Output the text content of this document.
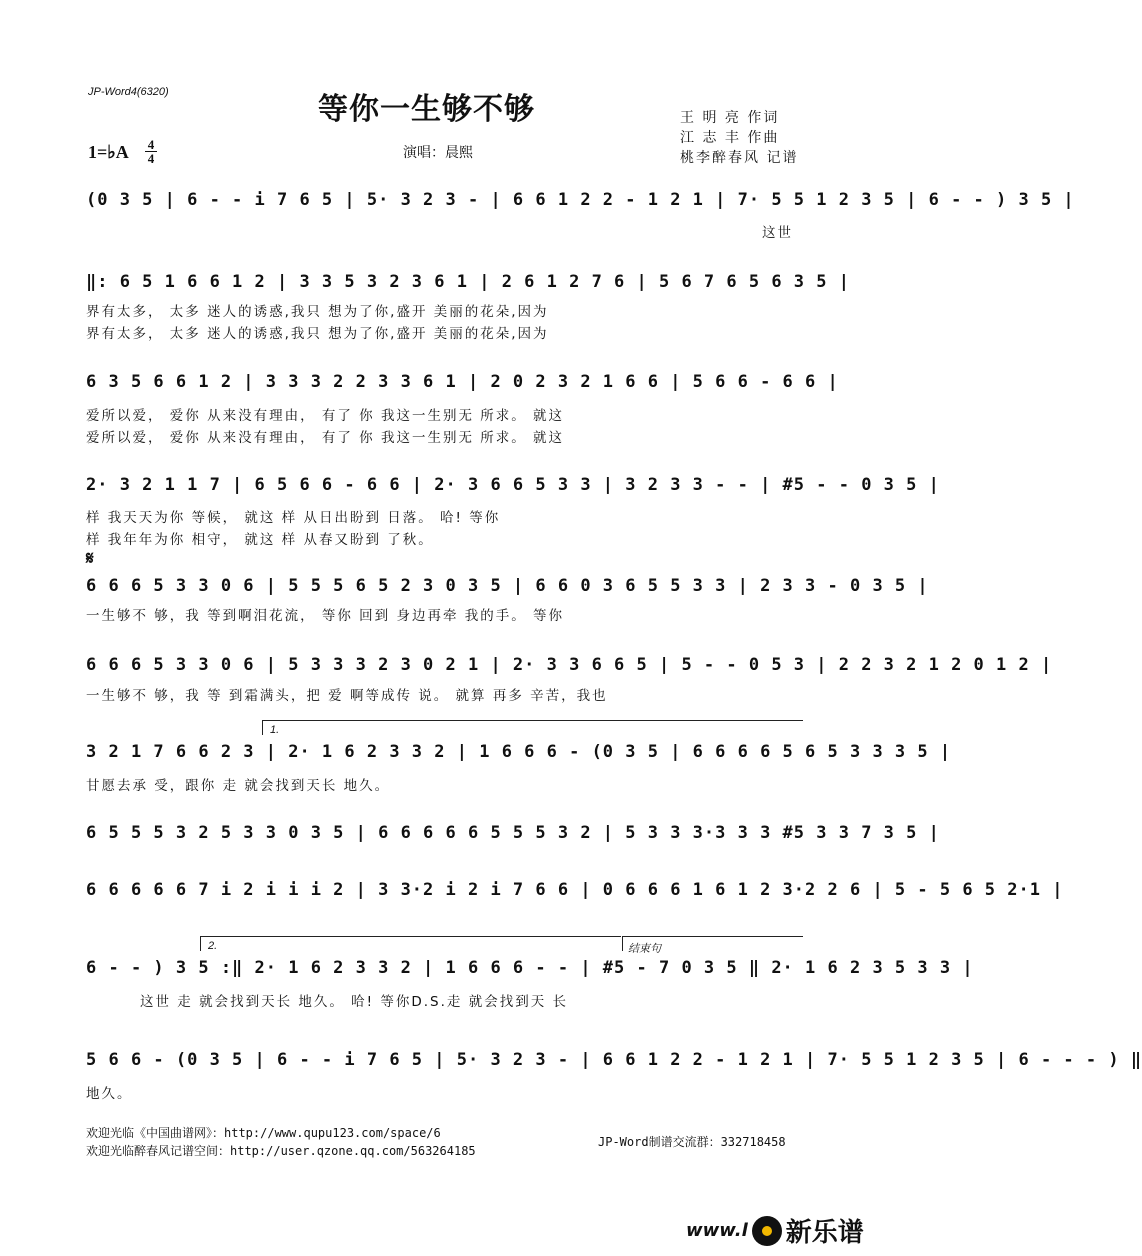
JP-Word4(6320)	等你一生够不够
1=♭A 4
4	演唱：晨熙
王 明 亮 作词
江 志 丰 作曲
桃李醉春风 记谱
(0 3 5 | 6 - - i 7 6 5 | 5· 3 2 3 - | 6 6 1 2 2 - 1 2 1 | 7· 5 5 1 2 3 5 | 6 - - ) 3 5 |
这世
‖: 6 5 1 6 6 1 2 | 3 3 5 3 2 3 6 1 | 2 6 1 2 7 6 | 5 6 7 6 5 6 3 5 |
界有太多， 太多 迷人的诱惑,我只 想为了你,盛开 美丽的花朵,因为
界有太多， 太多 迷人的诱惑,我只 想为了你,盛开 美丽的花朵,因为
6 3 5 6 6 1 2 | 3 3 3 2 2 3 3 6 1 | 2 0 2 3 2 1 6 6 | 5 6 6 - 6 6 |
爱所以爱， 爱你 从来没有理由， 有了 你 我这一生别无 所求。 就这
爱所以爱， 爱你 从来没有理由， 有了 你 我这一生别无 所求。 就这
2· 3 2 1 1 7 | 6 5 6 6 - 6 6 | 2· 3 6 6 5 3 3 | 3 2 3 3 - - | #5 - - 0 3 5 |
样 我天天为你 等候， 就这 样 从日出盼到 日落。 哈! 等你
样 我年年为你 相守， 就这 样 从春又盼到 了秋。
𝄋
6 6 6 5 3 3 0 6 | 5 5 5 6 5 2 3 0 3 5 | 6 6 0 3 6 5 5 3 3 | 2 3 3 - 0 3 5 |
一生够不 够，我 等到啊泪花流， 等你 回到 身边再牵 我的手。 等你
6 6 6 5 3 3 0 6 | 5 3 3 3 2 3 0 2 1 | 2· 3 3 6 6 5 | 5 - - 0 5 3 | 2 2 3 2 1 2 0 1 2 |
一生够不 够，我 等 到霜满头，把 爱 啊等成传 说。 就算 再多 辛苦，我也
1.
3 2 1 7 6 6 2 3 | 2· 1 6 2 3 3 2 | 1 6 6 6 - (0 3 5 | 6 6 6 6 5 6 5 3 3 3 5 |
甘愿去承 受，跟你 走 就会找到天长 地久。
6 5 5 5 3 2 5 3 3 0 3 5 | 6 6 6 6 6 5 5 5 3 2 | 5 3 3 3·3 3 3 #5 3 3 7 3 5 |
6 6 6 6 6 7 i 2 i i i 2 | 3 3·2 i 2 i 7 6 6 | 0 6 6 6 1 6 1 2 3·2 2 6 | 5 - 5 6 5 2·1 |
2.	结束句
6 - - ) 3 5 :‖ 2· 1 6 2 3 3 2 | 1 6 6 6 - - | #5 - 7 0 3 5 ‖ 2· 1 6 2 3 5 3 3 |
这世 走 就会找到天长 地久。 哈! 等你D.S.走 就会找到天 长
5 6 6 - (0 3 5 | 6 - - i 7 6 5 | 5· 3 2 3 - | 6 6 1 2 2 - 1 2 1 | 7· 5 5 1 2 3 5 | 6 - - - ) ‖
地久。
欢迎光临《中国曲谱网》：http://www.qupu123.com/space/6
欢迎光临醉春风记谱空间：http://user.qzone.qq.com/563264185
JP-Word制谱交流群：332718458
www.l 新乐谱
